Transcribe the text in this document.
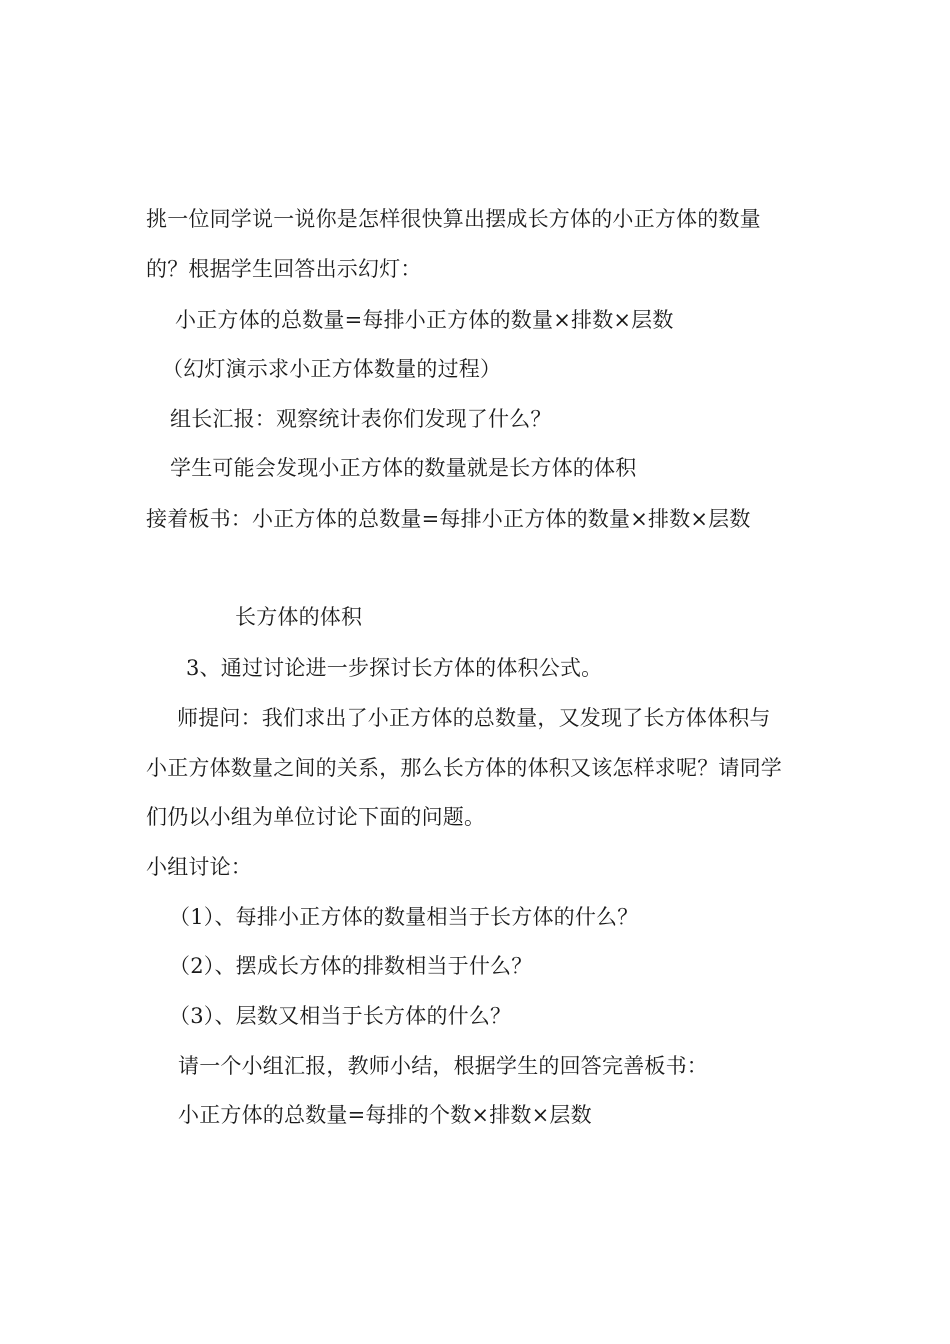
挑一位同学说一说你是怎样很快算出摆成长方体的小正方体的数量
的？根据学生回答出示幻灯：
小正方体的总数量=每排小正方体的数量×排数×层数
（幻灯演示求小正方体数量的过程）
组长汇报：观察统计表你们发现了什么？
学生可能会发现小正方体的数量就是长方体的体积
接着板书：小正方体的总数量=每排小正方体的数量×排数×层数
长方体的体积
3、通过讨论进一步探讨长方体的体积公式。
师提问：我们求出了小正方体的总数量，又发现了长方体体积与
小正方体数量之间的关系，那么长方体的体积又该怎样求呢？请同学
们仍以小组为单位讨论下面的问题。
小组讨论：
（1）、每排小正方体的数量相当于长方体的什么？
（2）、摆成长方体的排数相当于什么？
（3）、层数又相当于长方体的什么？
请一个小组汇报，教师小结，根据学生的回答完善板书：
小正方体的总数量=每排的个数×排数×层数
